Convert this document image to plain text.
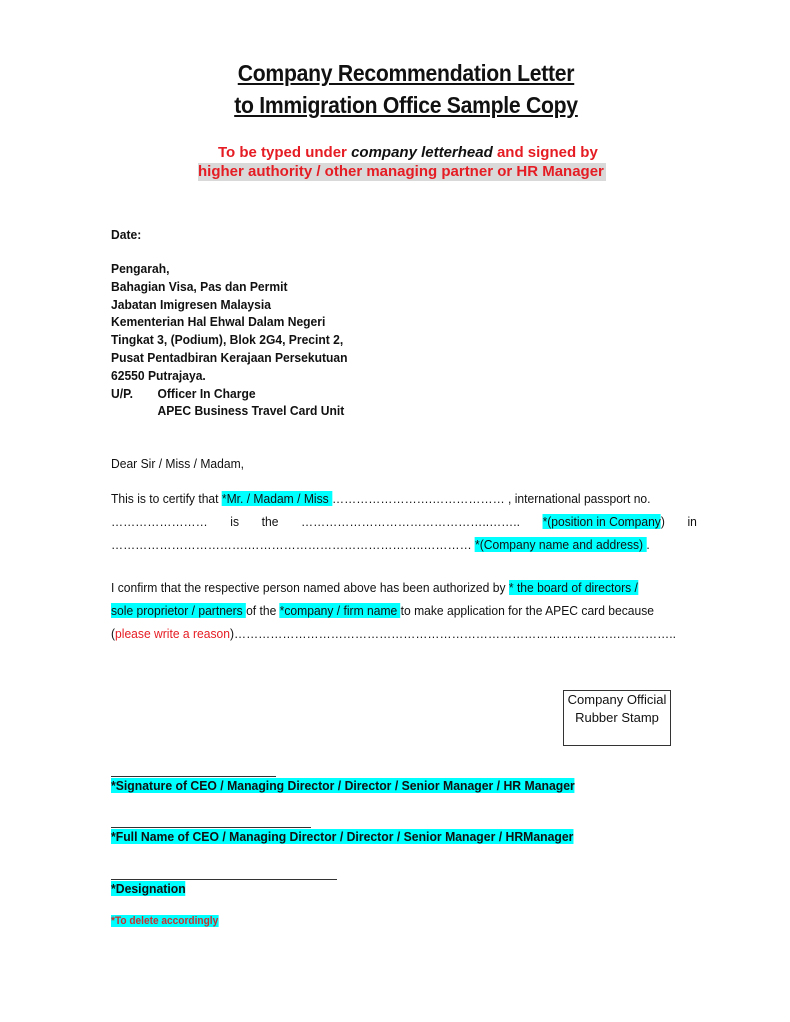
Company Recommendation Letter
to Immigration Office Sample Copy
To be typed under company letterhead and signed by
higher authority / other managing partner or HR Manager
Date:
Pengarah,
Bahagian Visa, Pas dan Permit
Jabatan Imigresen Malaysia
Kementerian Hal Ehwal Dalam Negeri
Tingkat 3, (Podium), Blok 2G4, Precint 2,
Pusat Pentadbiran Kerajaan Persekutuan
62550 Putrajaya.
U/P. Officer In Charge
APEC Business Travel Card Unit
Dear Sir / Miss / Madam,
This is to certify that *Mr. / Madam / Miss …………………….……………… , international passport no.
…………………… is the ………………………………………..…….. *(position in Company) in
…………………………….……………………………………..………… *(Company name and address) .
I confirm that the respective person named above has been authorized by * the board of directors /
sole proprietor / partners of the *company / firm name to make application for the APEC card because
(please write a reason)………………………………………………………………………………………………..
Company Official Rubber Stamp
*Signature of CEO / Managing Director / Director / Senior Manager / HR Manager
*Full Name of CEO / Managing Director / Director / Senior Manager / HRManager
*Designation
*To delete accordingly
